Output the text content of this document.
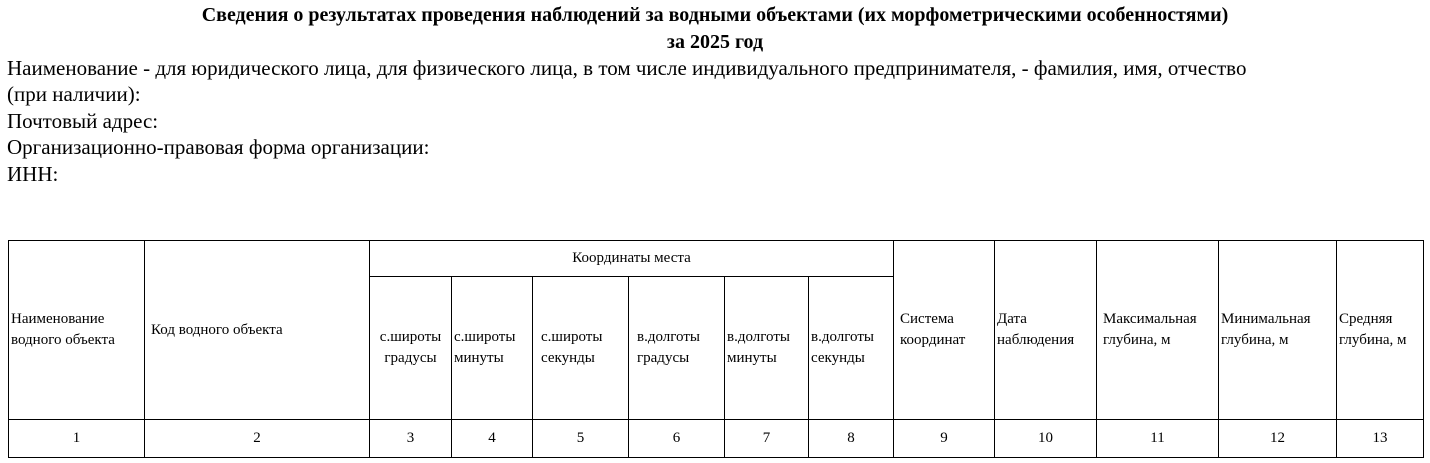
Сведения о результатах проведения наблюдений за водными объектами (их морфометрическими особенностями)
за 2025 год
Наименование - для юридического лица, для физического лица, в том числе индивидуального предпринимателя, - фамилия, имя, отчество
(при наличии):
Почтовый адрес:
Организационно-правовая форма организации:
ИНН:
Наименование водного объекта	Код водного объекта	Координаты места						Система координат	Дата наблюдения	Максимальная глубина, м	Минимальная глубина, м	Средняя глубина, м
		с.широты градусы	с.широты минуты	с.широты секунды	в.долготы градусы	в.долготы минуты	в.долготы секунды					
1	2	3	4	5	6	7	8	9	10	11	12	13
